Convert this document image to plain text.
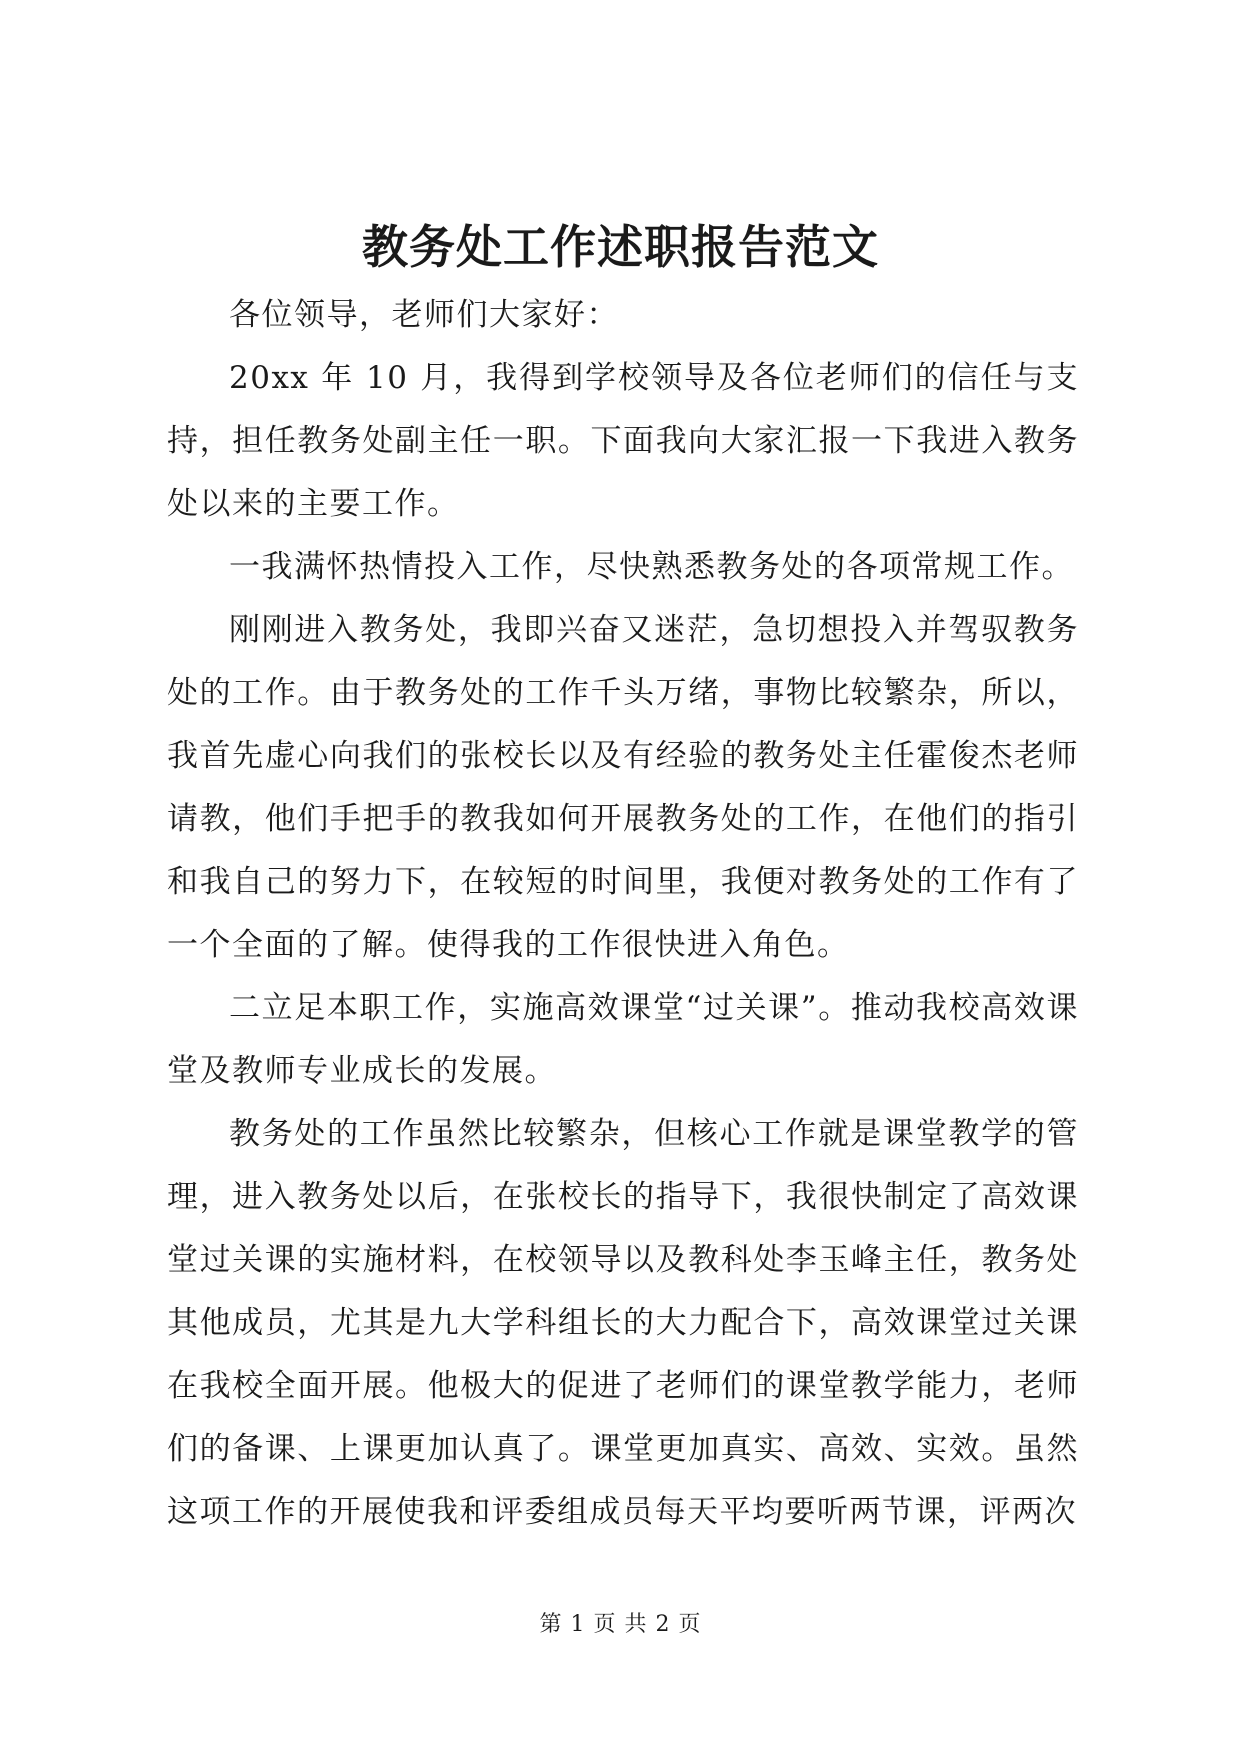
教务处工作述职报告范文

各位领导，老师们大家好：

20xx 年 10 月，我得到学校领导及各位老师们的信任与支持，担任教务处副主任一职。下面我向大家汇报一下我进入教务处以来的主要工作。

一我满怀热情投入工作，尽快熟悉教务处的各项常规工作。

刚刚进入教务处，我即兴奋又迷茫，急切想投入并驾驭教务处的工作。由于教务处的工作千头万绪，事物比较繁杂，所以，我首先虚心向我们的张校长以及有经验的教务处主任霍俊杰老师请教，他们手把手的教我如何开展教务处的工作，在他们的指引和我自己的努力下，在较短的时间里，我便对教务处的工作有了一个全面的了解。使得我的工作很快进入角色。

二立足本职工作，实施高效课堂“过关课”。推动我校高效课堂及教师专业成长的发展。

教务处的工作虽然比较繁杂，但核心工作就是课堂教学的管理，进入教务处以后，在张校长的指导下，我很快制定了高效课堂过关课的实施材料，在校领导以及教科处李玉峰主任，教务处其他成员，尤其是九大学科组长的大力配合下，高效课堂过关课在我校全面开展。他极大的促进了老师们的课堂教学能力，老师们的备课、上课更加认真了。课堂更加真实、高效、实效。虽然这项工作的开展使我和评委组成员每天平均要听两节课，评两次

第 1 页 共 2 页
